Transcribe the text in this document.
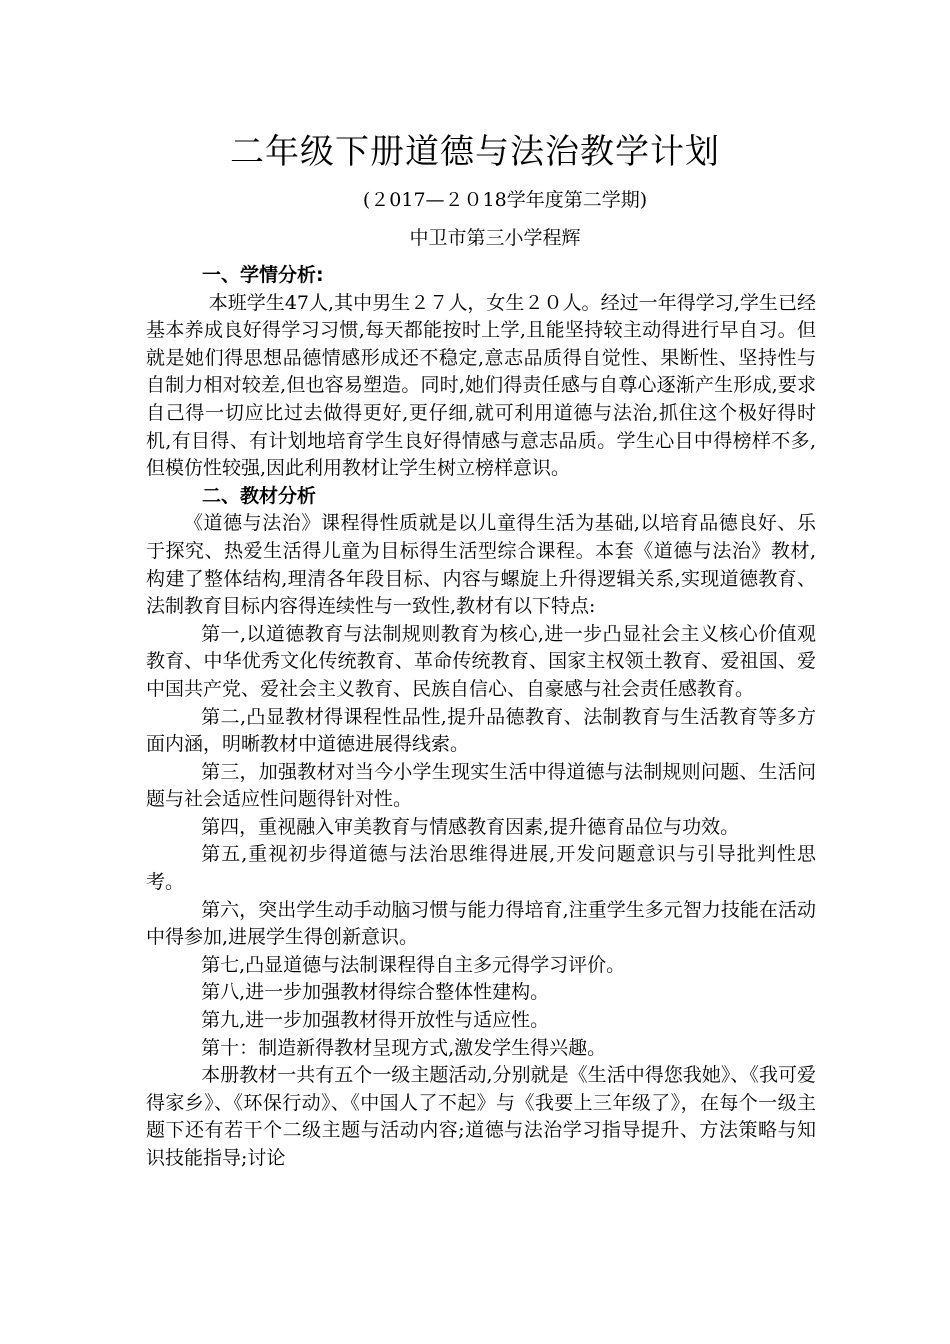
二年级下册道德与法治教学计划
(２017—２０18学年度第二学期)
中卫市第三小学程辉

一、学情分析:

本班学生47人,其中男生２７人，女生２０人。经过一年得学习,学生已经基本养成良好得学习习惯,每天都能按时上学,且能坚持较主动得进行早自习。但就是她们得思想品德情感形成还不稳定,意志品质得自觉性、果断性、坚持性与自制力相对较差,但也容易塑造。同时,她们得责任感与自尊心逐渐产生形成,要求自己得一切应比过去做得更好,更仔细,就可利用道德与法治,抓住这个极好得时机,有目得、有计划地培育学生良好得情感与意志品质。学生心目中得榜样不多,但模仿性较强,因此利用教材让学生树立榜样意识。

二、教材分析

《道德与法治》课程得性质就是以儿童得生活为基础,以培育品德良好、乐于探究、热爱生活得儿童为目标得生活型综合课程。本套《道德与法治》教材,构建了整体结构,理清各年段目标、内容与螺旋上升得逻辑关系,实现道德教育、法制教育目标内容得连续性与一致性,教材有以下特点:

第一,以道德教育与法制规则教育为核心,进一步凸显社会主义核心价值观教育、中华优秀文化传统教育、革命传统教育、国家主权领土教育、爱祖国、爱中国共产党、爱社会主义教育、民族自信心、自豪感与社会责任感教育。

第二,凸显教材得课程性品性,提升品德教育、法制教育与生活教育等多方面内涵，明晰教材中道德进展得线索。

第三，加强教材对当今小学生现实生活中得道德与法制规则问题、生活问题与社会适应性问题得针对性。

第四，重视融入审美教育与情感教育因素,提升德育品位与功效。

第五,重视初步得道德与法治思维得进展,开发问题意识与引导批判性思考。

第六，突出学生动手动脑习惯与能力得培育,注重学生多元智力技能在活动中得参加,进展学生得创新意识。

第七,凸显道德与法制课程得自主多元得学习评价。

第八,进一步加强教材得综合整体性建构。

第九,进一步加强教材得开放性与适应性。

第十：制造新得教材呈现方式,激发学生得兴趣。

本册教材一共有五个一级主题活动,分别就是《生活中得您我她》、《我可爱得家乡》、《环保行动》、《中国人了不起》与《我要上三年级了》，在每个一级主题下还有若干个二级主题与活动内容;道德与法治学习指导提升、方法策略与知识技能指导;讨论
